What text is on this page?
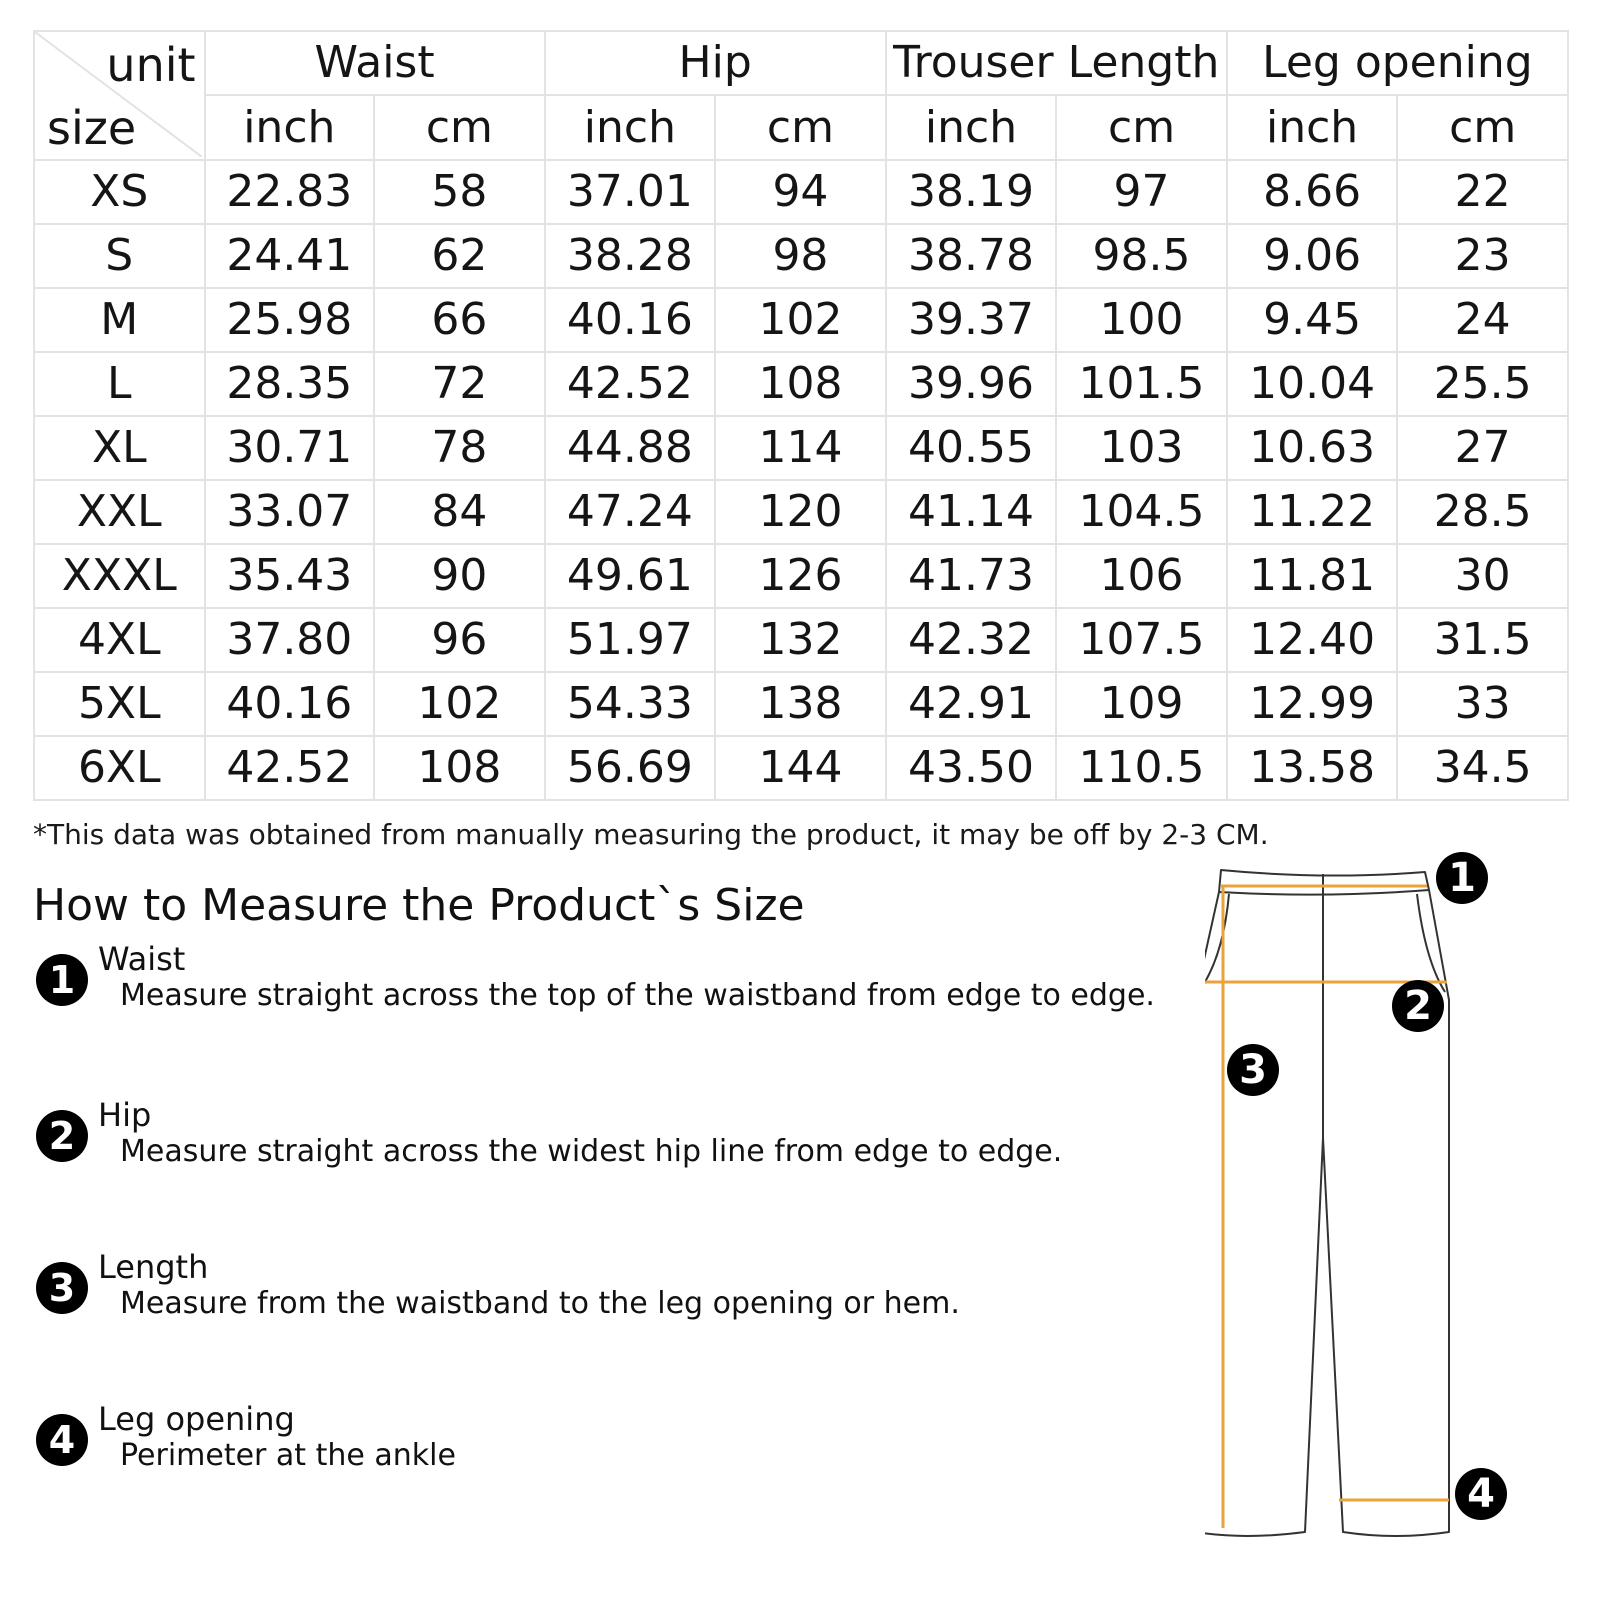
unit
size	Waist		Hip		Trouser Length		Leg opening	
	inch	cm	inch	cm	inch	cm	inch	cm
XS	22.83	58	37.01	94	38.19	97	8.66	22
S	24.41	62	38.28	98	38.78	98.5	9.06	23
M	25.98	66	40.16	102	39.37	100	9.45	24
L	28.35	72	42.52	108	39.96	101.5	10.04	25.5
XL	30.71	78	44.88	114	40.55	103	10.63	27
XXL	33.07	84	47.24	120	41.14	104.5	11.22	28.5
XXXL	35.43	90	49.61	126	41.73	106	11.81	30
4XL	37.80	96	51.97	132	42.32	107.5	12.40	31.5
5XL	40.16	102	54.33	138	42.91	109	12.99	33
6XL	42.52	108	56.69	144	43.50	110.5	13.58	34.5
*This data was obtained from manually measuring the product, it may be off by 2-3 CM.
How to Measure the Product`s Size
1 Waist
Measure straight across the top of the waistband from edge to edge.
2 Hip
Measure straight across the widest hip line from edge to edge.
3 Length
Measure from the waistband to the leg opening or hem.
4 Leg opening
Perimeter at the ankle
1
2
3
4
